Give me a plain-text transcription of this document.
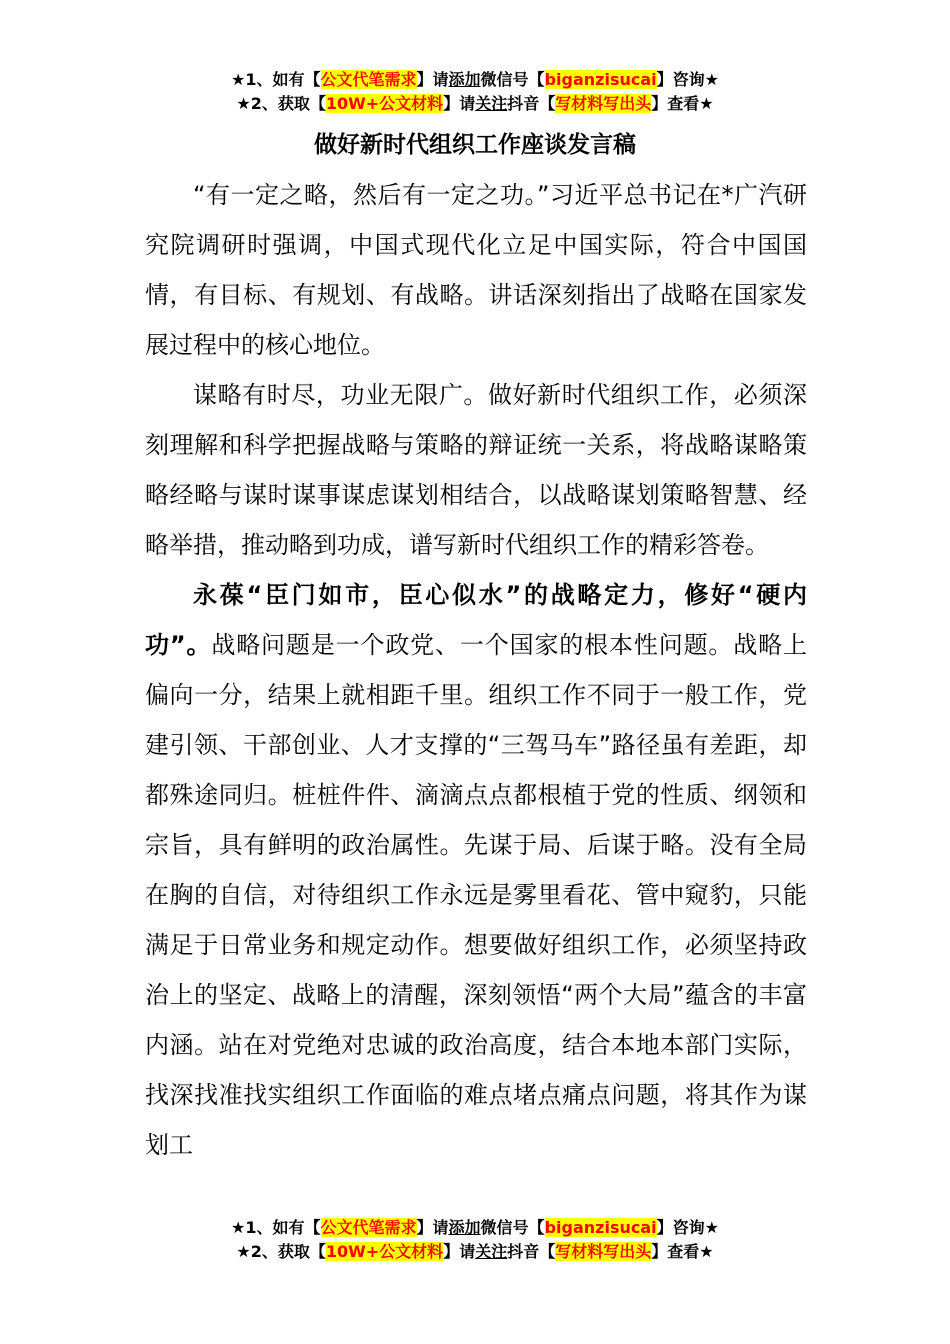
★1、如有【公文代笔需求】请添加微信号【biganzisucai】咨询★
★2、获取【10W+公文材料】请关注抖音【写材料写出头】查看★
做好新时代组织工作座谈发言稿

“有一定之略，然后有一定之功。”习近平总书记在*广汽研究院调研时强调，中国式现代化立足中国实际，符合中国国情，有目标、有规划、有战略。讲话深刻指出了战略在国家发展过程中的核心地位。

谋略有时尽，功业无限广。做好新时代组织工作，必须深刻理解和科学把握战略与策略的辩证统一关系，将战略谋略策略经略与谋时谋事谋虑谋划相结合，以战略谋划策略智慧、经略举措，推动略到功成，谱写新时代组织工作的精彩答卷。

永葆“臣门如市，臣心似水”的战略定力，修好“硬内功”。战略问题是一个政党、一个国家的根本性问题。战略上偏向一分，结果上就相距千里。组织工作不同于一般工作，党建引领、干部创业、人才支撑的“三驾马车”路径虽有差距，却都殊途同归。桩桩件件、滴滴点点都根植于党的性质、纲领和宗旨，具有鲜明的政治属性。先谋于局、后谋于略。没有全局在胸的自信，对待组织工作永远是雾里看花、管中窥豹，只能满足于日常业务和规定动作。想要做好组织工作，必须坚持政治上的坚定、战略上的清醒，深刻领悟“两个大局”蕴含的丰富内涵。站在对党绝对忠诚的政治高度，结合本地本部门实际，找深找准找实组织工作面临的难点堵点痛点问题，将其作为谋划工

★1、如有【公文代笔需求】请添加微信号【biganzisucai】咨询★
★2、获取【10W+公文材料】请关注抖音【写材料写出头】查看★
